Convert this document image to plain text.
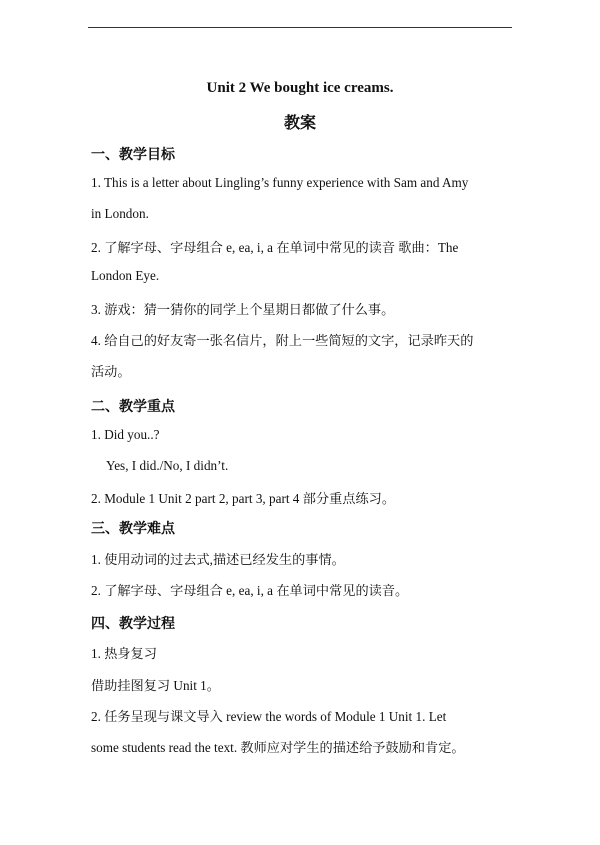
Unit 2 We bought ice creams.
教案
一、教学目标
1. This is a letter about Lingling’s funny experience with Sam and Amy
in London.
2. 了解字母、字母组合 e, ea, i, a 在单词中常见的读音 歌曲：The
London Eye.
3. 游戏：猜一猜你的同学上个星期日都做了什么事。
4. 给自己的好友寄一张名信片，附上一些简短的文字，记录昨天的
活动。
二、教学重点
1. Did you..?
Yes, I did./No, I didn’t.
2. Module 1 Unit 2 part 2, part 3, part 4 部分重点练习。
三、教学难点
1. 使用动词的过去式,描述已经发生的事情。
2. 了解字母、字母组合 e, ea, i, a 在单词中常见的读音。
四、教学过程
1. 热身复习
借助挂图复习 Unit 1。
2. 任务呈现与课文导入 review the words of Module 1 Unit 1. Let
some students read the text. 教师应对学生的描述给予鼓励和肯定。
